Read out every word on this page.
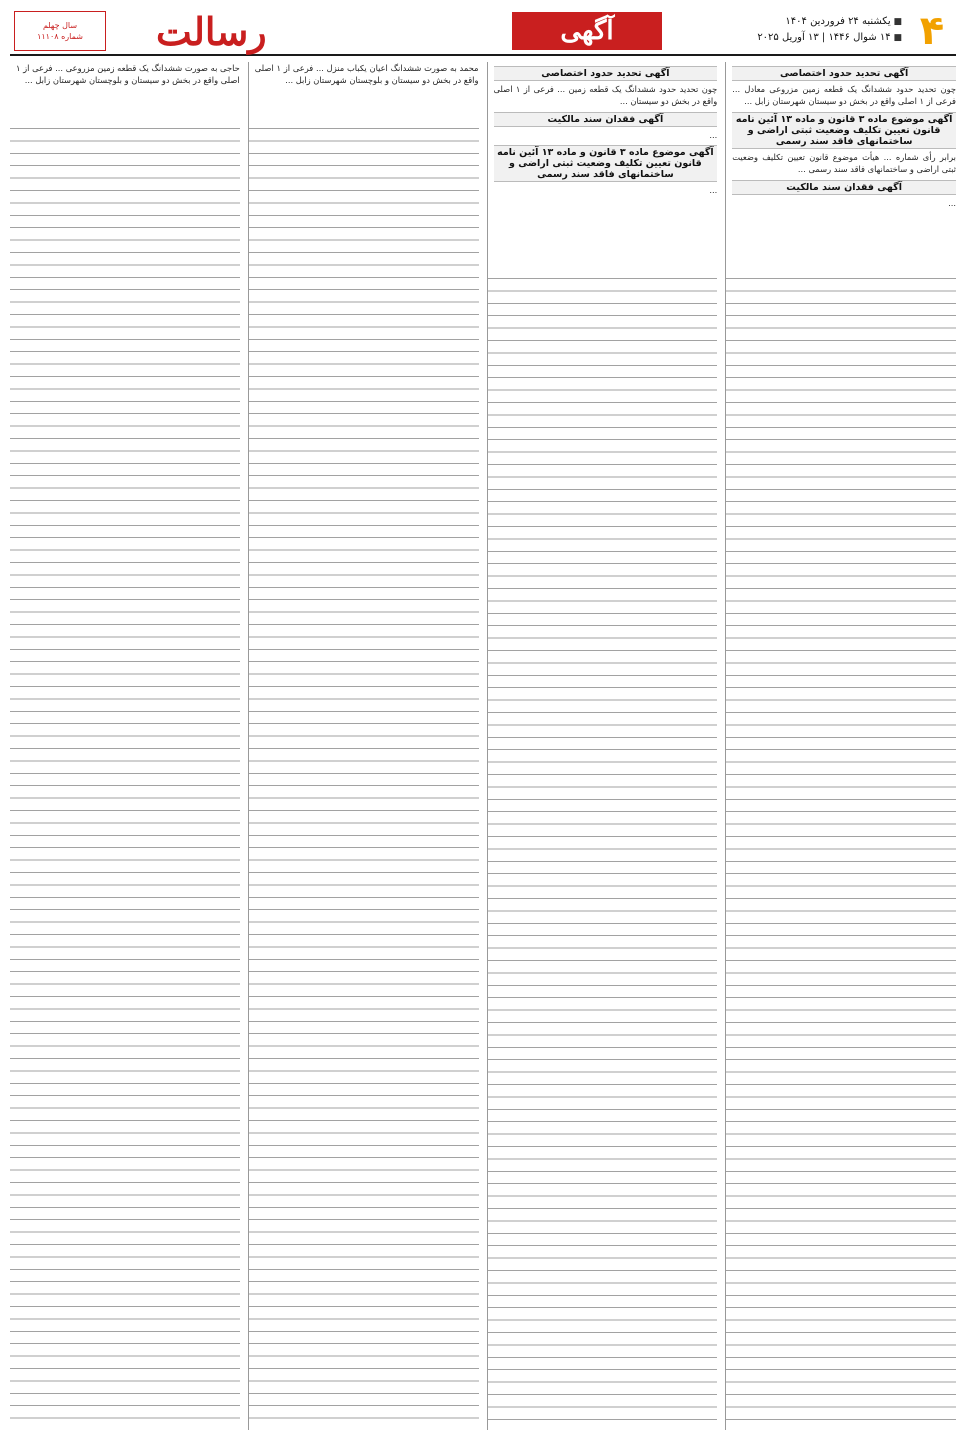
۴
■ یکشنبه ۲۴ فروردین ۱۴۰۴
■ ۱۴ شوال ۱۴۴۶ | ۱۳ آوریل ۲۰۲۵
آگهی
سال چهلم
شماره ۱۱۱۰۸ رسالت
آگهی تحدید حدود اختصاصی

چون تحدید حدود ششدانگ یک قطعه زمین مزروعی معادل ... فرعی از ۱ اصلی واقع در بخش دو سیستان شهرستان زابل ...

آگهی موضوع ماده ۳ قانون و ماده ۱۳ آئین نامه قانون تعیین تکلیف وضعیت ثبتی اراضی و ساختمانهای فاقد سند رسمی

برابر رأی شماره ... هیأت موضوع قانون تعیین تکلیف وضعیت ثبتی اراضی و ساختمانهای فاقد سند رسمی ...

آگهی فقدان سند مالکیت

...

آگهی تحدید حدود اختصاصی

چون تحدید حدود ششدانگ یک قطعه زمین ... فرعی از ۱ اصلی واقع در بخش دو سیستان ...

آگهی فقدان سند مالکیت

...

آگهی موضوع ماده ۳ قانون و ماده ۱۳ آئین نامه قانون تعیین تکلیف وضعیت ثبتی اراضی و ساختمانهای فاقد سند رسمی

...

محمد به صورت ششدانگ اعیان یکباب منزل ... فرعی از ۱ اصلی واقع در بخش دو سیستان و بلوچستان شهرستان زابل ...

حاجی به صورت ششدانگ یک قطعه زمین مزروعی ... فرعی از ۱ اصلی واقع در بخش دو سیستان و بلوچستان شهرستان زابل ...
